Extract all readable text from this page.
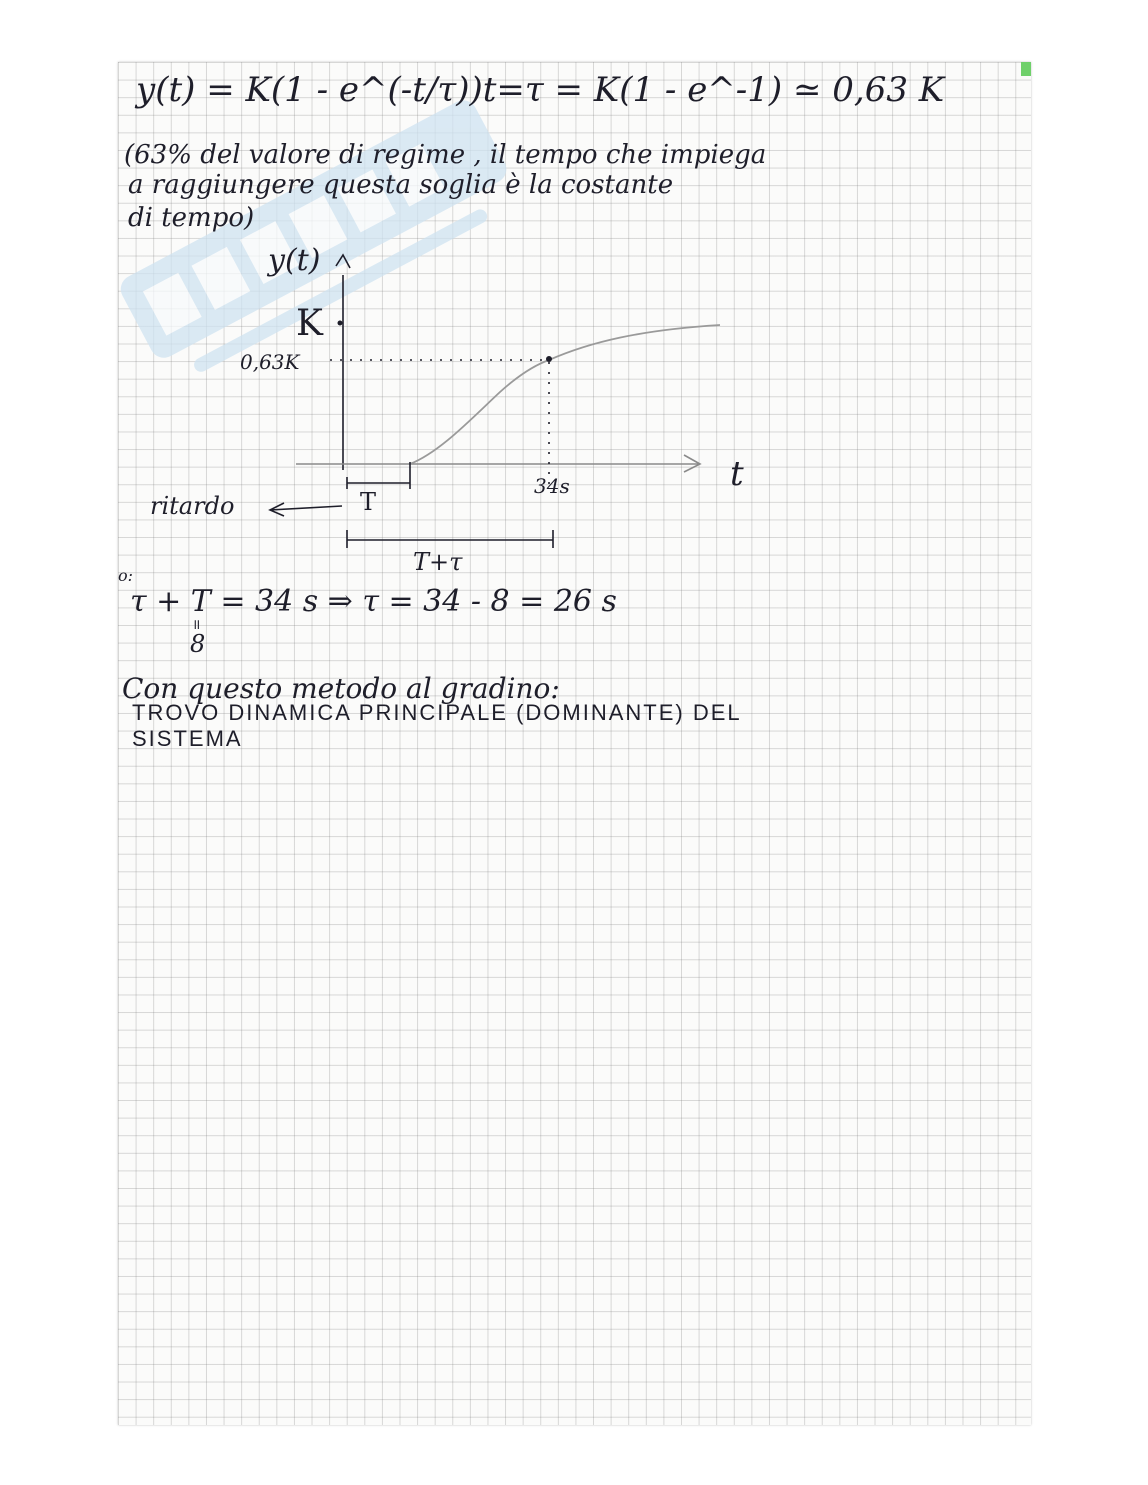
y(t) = K(1 - e^(-t/τ))t=τ = K(1 - e^-1) ≃ 0,63 K
(63% del valore di regime , il tempo che impiega
a raggiungere questa soglia è la costante
di tempo)
y(t)
K
0,63K
t
34s
T
T+τ
ritardo
o:
τ + T = 34 s ⇒ τ = 34 - 8 = 26 s
॥
8
Con questo metodo al gradino:
TROVO DINAMICA PRINCIPALE (DOMINANTE) DEL
SISTEMA
